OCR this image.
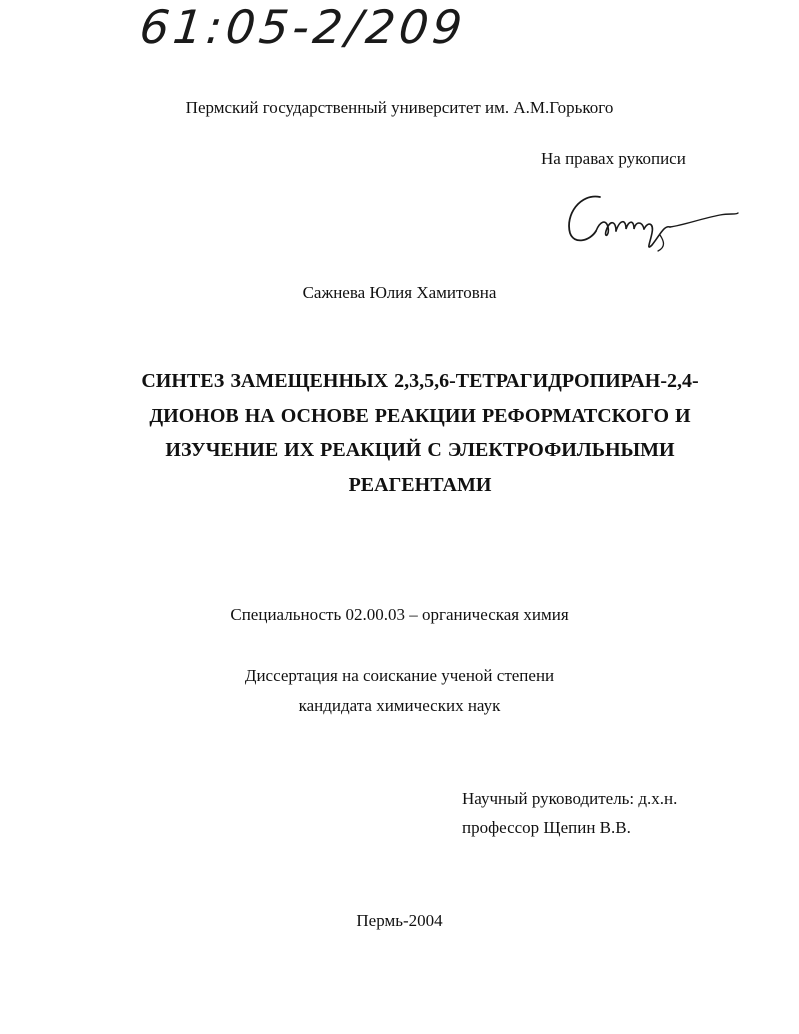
61:05-2/209
Пермский государственный университет им. А.М.Горького
На правах рукописи
Сажнева Юлия Хамитовна
СИНТЕЗ ЗАМЕЩЕННЫХ 2,3,5,6-ТЕТРАГИДРОПИРАН-2,4-
ДИОНОВ НА ОСНОВЕ РЕАКЦИИ РЕФОРМАТСКОГО И
ИЗУЧЕНИЕ ИХ РЕАКЦИЙ С ЭЛЕКТРОФИЛЬНЫМИ
РЕАГЕНТАМИ
Специальность 02.00.03 – органическая химия
Диссертация на соискание ученой степени
кандидата химических наук
Научный руководитель: д.х.н.
профессор Щепин В.В.
Пермь-2004
